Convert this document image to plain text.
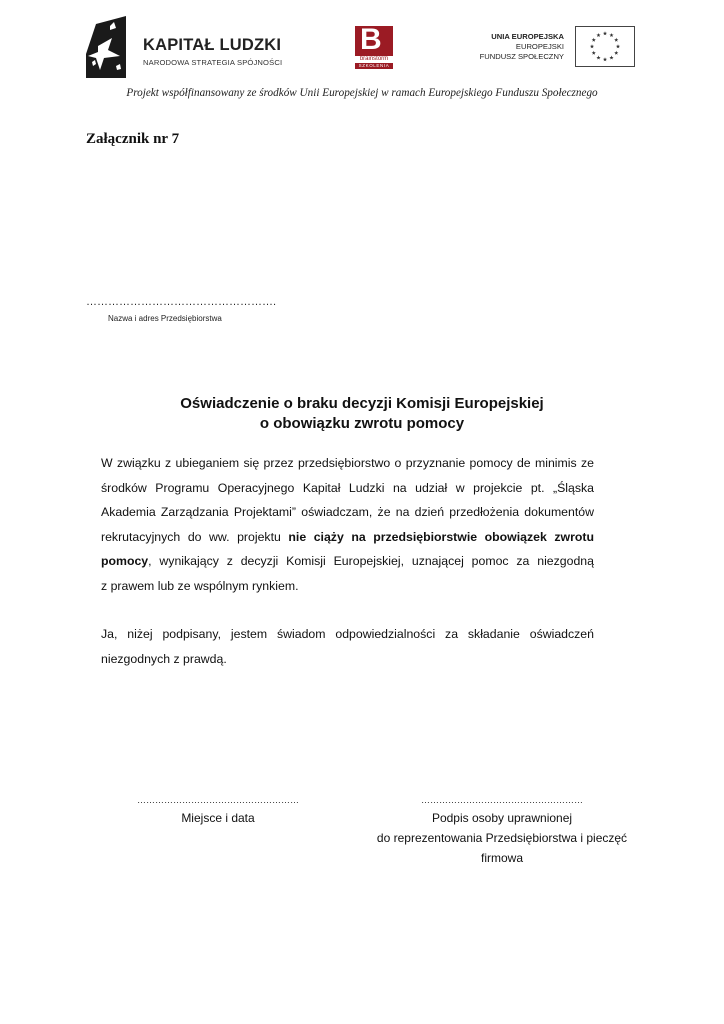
KAPITAŁ LUDZKI
NARODOWA STRATEGIA SPÓJNOŚCI
B
brainstorm
SZKOLENIA
UNIA EUROPEJSKA
EUROPEJSKI
FUNDUSZ SPOŁECZNY
Projekt współfinansowany ze środków Unii Europejskiej w ramach Europejskiego Funduszu Społecznego
Załącznik nr 7
…………………………………………….
Nazwa i adres Przedsiębiorstwa
Oświadczenie o braku decyzji Komisji Europejskiej
o obowiązku zwrotu pomocy
W związku z ubieganiem się przez przedsiębiorstwo o przyznanie pomocy de minimis ze
środków Programu Operacyjnego Kapitał Ludzki na udział w projekcie pt. „Śląska
Akademia Zarządzania Projektami” oświadczam, że na dzień przedłożenia dokumentów
rekrutacyjnych do ww. projektu nie ciąży na przedsiębiorstwie obowiązek zwrotu
pomocy, wynikający z decyzji Komisji Europejskiej, uznającej pomoc za niezgodną
z prawem lub ze wspólnym rynkiem.
Ja, niżej podpisany, jestem świadom odpowiedzialności za składanie oświadczeń
niezgodnych z prawdą.
………………………………………………
Miejsce i data
………………………………………………
Podpis osoby uprawnionej
do reprezentowania Przedsiębiorstwa i pieczęć
firmowa
